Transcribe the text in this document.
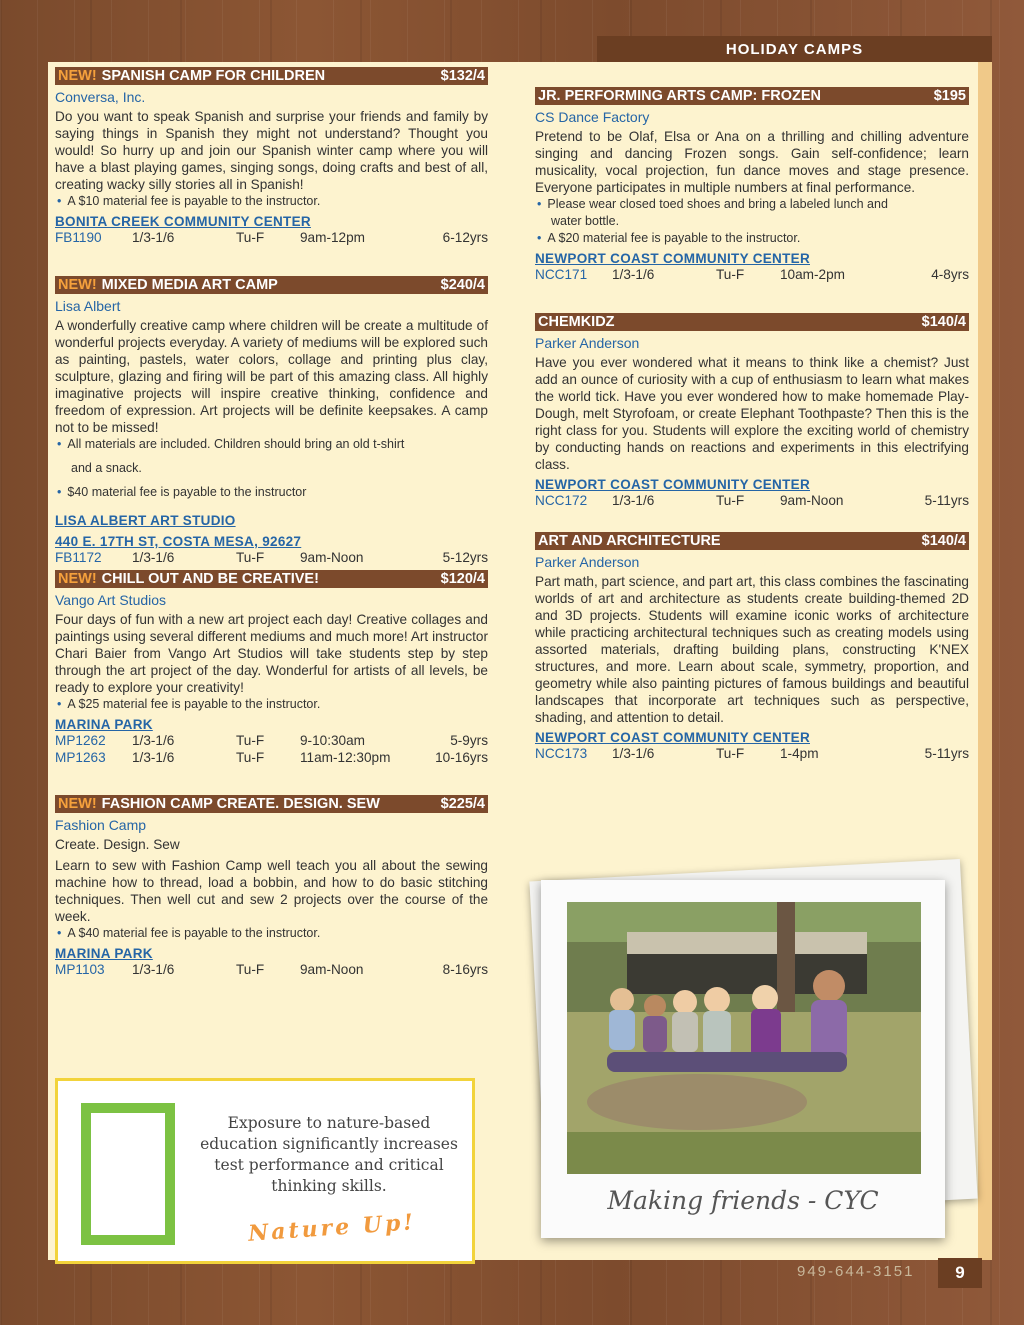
HOLIDAY CAMPS
NEW! SPANISH CAMP FOR CHILDREN	$132/4
Conversa, Inc.

Do you want to speak Spanish and surprise your friends and family by saying things in Spanish they might not understand? Thought you would! So hurry up and join our Spanish winter camp where you will have a blast playing games, singing songs, doing crafts and best of all, creating wacky silly stories all in Spanish!

• A $10 material fee is payable to the instructor.
BONITA CREEK COMMUNITY CENTER
FB1190	1/3-1/6	Tu-F	9am-12pm	6-12yrs
NEW! MIXED MEDIA ART CAMP	$240/4
Lisa Albert

A wonderfully creative camp where children will be create a multitude of wonderful projects everyday. A variety of mediums will be explored such as painting, pastels, water colors, collage and printing plus clay, sculpture, glazing and firing will be part of this amazing class. All highly imaginative projects will inspire creative thinking, confidence and freedom of expression. Art projects will be definite keepsakes. A camp not to be missed!

• All materials are included. Children should bring an old t-shirt
and a snack.
• $40 material fee is payable to the instructor
LISA ALBERT ART STUDIO
440 E. 17TH ST, COSTA MESA, 92627
FB1172	1/3-1/6	Tu-F	9am-Noon	5-12yrs
NEW! CHILL OUT AND BE CREATIVE!	$120/4
Vango Art Studios

Four days of fun with a new art project each day! Creative collages and paintings using several different mediums and much more! Art instructor Chari Baier from Vango Art Studios will take students step by step through the art project of the day. Wonderful for artists of all levels, be ready to explore your creativity!

• A $25 material fee is payable to the instructor.
MARINA PARK
MP1262	1/3-1/6	Tu-F	9-10:30am	5-9yrs
MP1263	1/3-1/6	Tu-F	11am-12:30pm	10-16yrs
NEW! FASHION CAMP CREATE. DESIGN. SEW	$225/4
Fashion Camp

Create. Design. Sew

Learn to sew with Fashion Camp well teach you all about the sewing machine how to thread, load a bobbin, and how to do basic stitching techniques. Then well cut and sew 2 projects over the course of the week.

• A $40 material fee is payable to the instructor.
MARINA PARK
MP1103	1/3-1/6	Tu-F	9am-Noon	8-16yrs
JR. PERFORMING ARTS CAMP: FROZEN	$195
CS Dance Factory

Pretend to be Olaf, Elsa or Ana on a thrilling and chilling adventure singing and dancing Frozen songs. Gain self-confidence; learn musicality, vocal projection, fun dance moves and stage presence. Everyone participates in multiple numbers at final performance.

• Please wear closed toed shoes and bring a labeled lunch and
water bottle.
• A $20 material fee is payable to the instructor.
NEWPORT COAST COMMUNITY CENTER
NCC171	1/3-1/6	Tu-F	10am-2pm	4-8yrs
CHEMKIDZ	$140/4
Parker Anderson

Have you ever wondered what it means to think like a chemist? Just add an ounce of curiosity with a cup of enthusiasm to learn what makes the world tick. Have you ever wondered how to make homemade Play-Dough, melt Styrofoam, or create Elephant Toothpaste? Then this is the right class for you. Students will explore the exciting world of chemistry by conducting hands on reactions and experiments in this electrifying class.

NEWPORT COAST COMMUNITY CENTER
NCC172	1/3-1/6	Tu-F	9am-Noon	5-11yrs
ART AND ARCHITECTURE	$140/4
Parker Anderson

Part math, part science, and part art, this class combines the fascinating worlds of art and architecture as students create building-themed 2D and 3D projects. Students will examine iconic works of architecture while practicing architectural techniques such as creating models using assorted materials, drafting building plans, constructing K'NEX structures, and more. Learn about scale, symmetry, proportion, and geometry while also painting pictures of famous buildings and beautiful landscapes that incorporate art techniques such as perspective, shading, and attention to detail.

NEWPORT COAST COMMUNITY CENTER
NCC173	1/3-1/6	Tu-F	1-4pm	5-11yrs
Exposure to nature-based education significantly increases test performance and critical thinking skills.
Nature Up!
Making friends - CYC
949-644-3151	9
